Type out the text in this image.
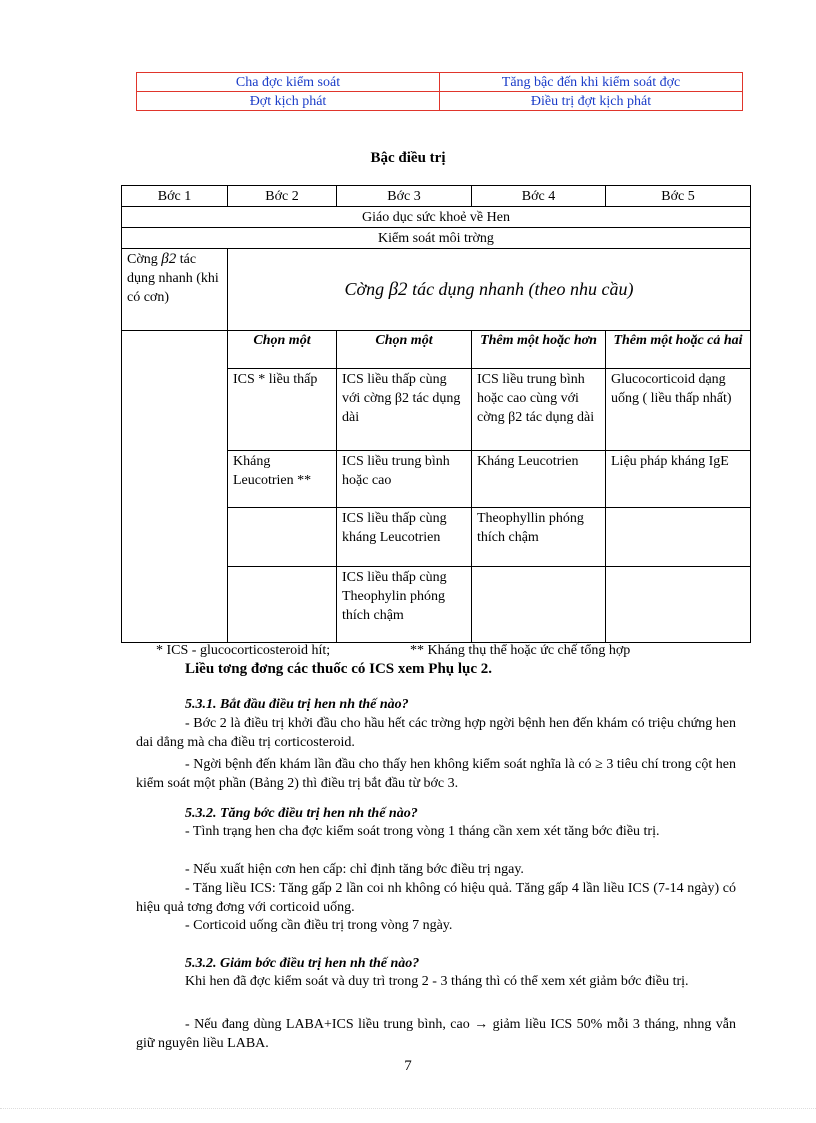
Cha đợc kiểm soát	Tăng bậc đến khi kiểm soát đợc
Đợt kịch phát	Điều trị đợt kịch phát
Bậc điều trị
Bớc 1	Bớc 2	Bớc 3	Bớc 4	Bớc 5
Giáo dục sức khoẻ về Hen				
Kiểm soát môi trờng				
Cờng β2 tác dụng nhanh (khi có cơn)	Cờng β2 tác dụng nhanh (theo nhu cầu)			
	Chọn một	Chọn một	Thêm một hoặc hơn	Thêm một hoặc cả hai
	ICS * liều thấp	ICS liều thấp cùng với cờng β2 tác dụng dài	ICS liều trung bình hoặc cao cùng với cờng β2 tác dụng dài	Glucocorticoid dạng uống ( liều thấp nhất)
	Kháng Leucotrien **	ICS liều trung bình hoặc cao	Kháng Leucotrien	Liệu pháp kháng IgE
		ICS liều thấp cùng kháng Leucotrien	Theophyllin phóng thích chậm	
		ICS liều thấp cùng Theophylin phóng thích chậm		
* ICS - glucocorticosteroid hít;	** Kháng thụ thể hoặc ức chế tổng hợp
Liều tơng đơng các thuốc có ICS xem Phụ lục 2.
5.3.1. Bắt đầu điều trị hen nh thế nào?
- Bớc 2 là điều trị khởi đầu cho hầu hết các trờng hợp ngời bệnh hen đến khám có triệu chứng hen dai dẳng mà cha điều trị corticosteroid.
- Ngời bệnh đến khám lần đầu cho thấy hen không kiểm soát nghĩa là có ≥ 3 tiêu chí trong cột hen kiểm soát một phần (Bảng 2) thì điều trị bắt đầu từ bớc 3.
5.3.2. Tăng bớc điều trị hen nh thế nào?
- Tình trạng hen cha đợc kiểm soát trong vòng 1 tháng cần xem xét tăng bớc điều trị.
- Nếu xuất hiện cơn hen cấp: chỉ định tăng bớc điều trị ngay.
- Tăng liều ICS: Tăng gấp 2 lần coi nh không có hiệu quả. Tăng gấp 4 lần liều ICS (7-14 ngày) có hiệu quả tơng đơng với corticoid uống.
- Corticoid uống cần điều trị trong vòng 7 ngày.
5.3.2. Giảm bớc điều trị hen nh thế nào?
Khi hen đã đợc kiểm soát và duy trì trong 2 - 3 tháng thì có thể xem xét giảm bớc điều trị.
- Nếu đang dùng LABA+ICS liều trung bình, cao → giảm liều ICS 50% mỗi 3 tháng, nhng vẫn giữ nguyên liều LABA.
7
